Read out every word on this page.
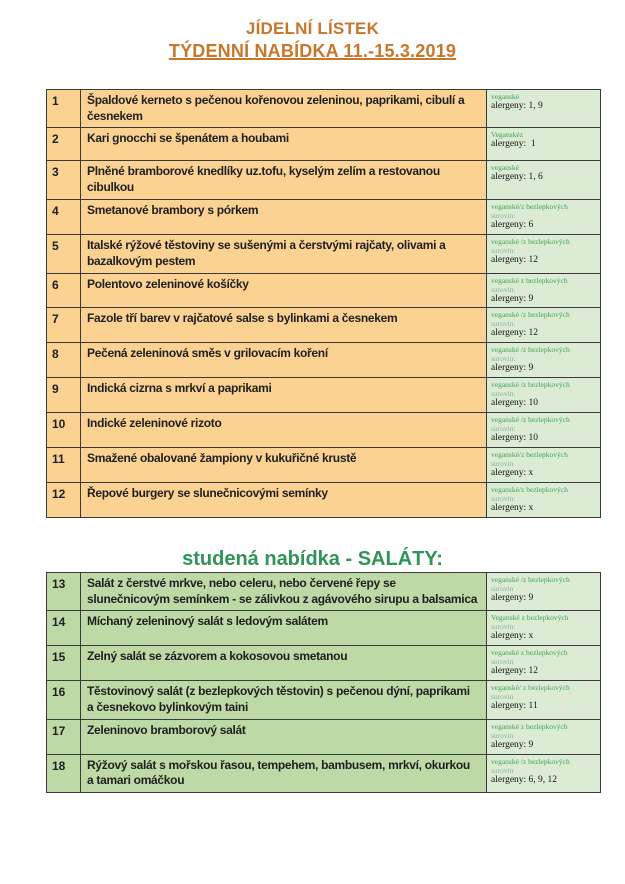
JÍDELNÍ LÍSTEK
TÝDENNÍ NABÍDKA 11.-15.3.2019
1	Špaldové kerneto s pečenou kořenovou zeleninou, paprikami, cibulí a česnekem	veganské
alergeny: 1, 9

2	Kari gnocchi se špenátem a houbami	Veganskéz
alergeny:  1

3	Plněné bramborové knedlíky uz.tofu, kyselým zelím a restovanou cibulkou	veganské
alergeny: 1, 6

4	Smetanové brambory s pórkem	veganské/z bezlepkových
surovin:
alergeny: 6

5	Italské rýžové těstoviny se sušenými a čerstvými rajčaty, olivami a bazalkovým pestem	veganské /z bezlepkových
surovin:
alergeny: 12

6	Polentovo zeleninové košíčky	veganské z bezlepkových
surovin:
alergeny: 9

7	Fazole tří barev v rajčatové salse s bylinkami a česnekem	veganské /z bezlepkových
surovin:
alergeny: 12

8	Pečená zeleninová směs v grilovacím koření	veganské /z bezlepkových
surovin:
alergeny: 9

9	Indická cizrna s mrkví a paprikami	veganské /z bezlepkových
surovin:
alergeny: 10

10	Indické zeleninové rizoto	veganské /z bezlepkových
surovin:
alergeny: 10

11	Smažené obalované žampiony v kukuřičné krustě	veganské/z bezlepkových
surovin
alergeny: x

12	Řepové burgery se slunečnicovými semínky	veganské/z bezlepkových
surovin:
alergeny: x
studená nabídka - SALÁTY:
13	Salát z čerstvé mrkve, nebo celeru, nebo červené řepy se slunečnicovým semínkem - se zálivkou z agávového sirupu a balsamica	veganské /z bezlepkových
surovin
alergeny: 9

14	Míchaný zeleninový salát s ledovým salátem	Veganské z bezlepkových
surovin:
alergeny: x

15	Zelný salát se zázvorem a kokosovou smetanou	veganské z bezlepkových
surovin
alergeny: 12

16	Těstovinový salát (z bezlepkových těstovin) s pečenou dýní, paprikami a česnekovo bylinkovým taini	veganské/ z bezlepkových
surovin
alergeny: 11

17	Zeleninovo bramborový salát	veganské z bezlepkových
surovin
alergeny: 9

18	Rýžový salát s mořskou řasou, tempehem, bambusem, mrkví, okurkou a tamari omáčkou	veganské /z bezlepkových
surovin
alergeny: 6, 9, 12
